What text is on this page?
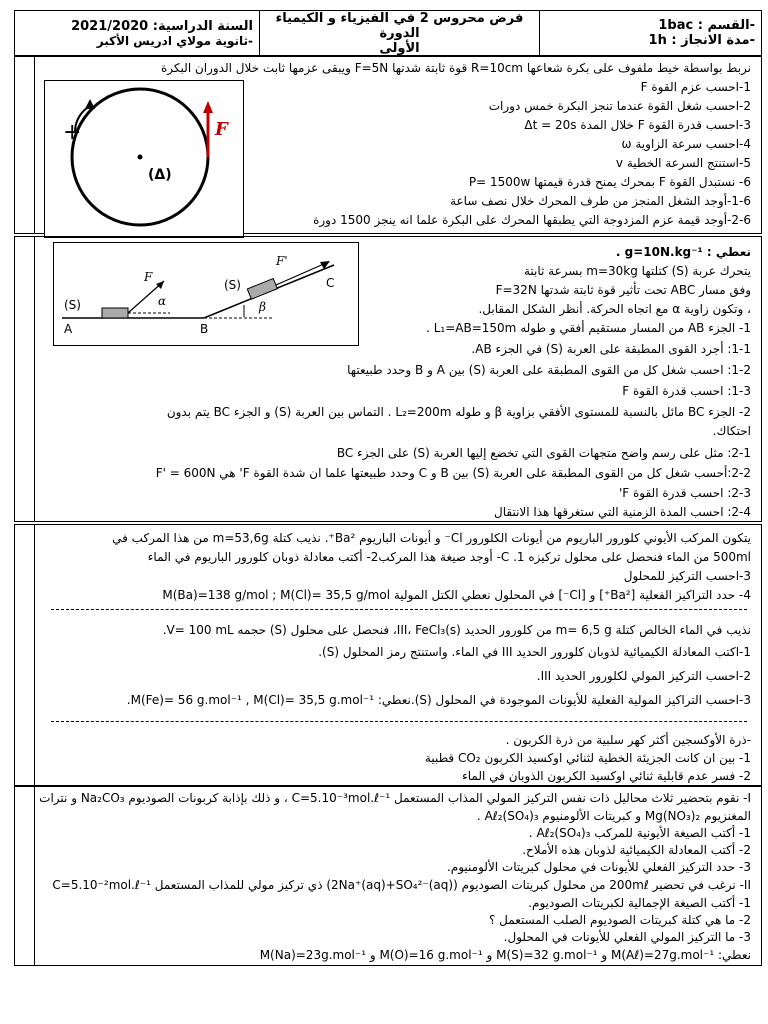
-القسم : 1bac
-مدة الانجاز : 1h
فرض محروس 2 في الفيزياء و الكيمياء الدورة
الأولى
السنة الدراسية: 2021/2020
-ثانوية مولاي ادريس الأكبر
نربط بواسطة خيط ملفوف على بكرة شعاعها R=10cm قوة ثابتة شدتها F=5N ويبقى عزمها ثابت خلال الدوران البكرة
1-احسب عزم القوة F
2-احسب شغل القوة عندما تنجز البكرة خمس دورات
3-احسب قدرة القوة F خلال المدة Δt = 20s
4-احسب سرعة الزاوية ω
5-استنتج السرعة الخطية v
6- نستبدل القوة F بمحرك يمنح قدرة قيمتها P= 1500w
1-6-أوجد الشغل المنجز من طرف المحرك خلال نصف ساعة
2-6-أوجد قيمة عزم المزدوجة التي يطبقها المحرك على البكرة علما انه ينجز 1500 دورة
+	F
(Δ)
نعطي : g=10N.kg⁻¹ .
يتحرك عربة (S) كتلتها m=30kg بسرعة ثابتة
وفق مسار ABC تحت تأثير قوة ثابتة شدتها F=32N
، وتكون زاوية α مع اتجاه الحركة. أنظر الشكل المقابل.
1- الجزء AB من المسار مستقيم أفقي و طوله L₁=AB=150m .
1-1: أجرد القوى المطبقة على العربة (S) في الجزء AB.
1-2: احسب شغل كل من القوى المطبقة على العربة (S) بين A و B وحدد طبيعتها
1-3: احسب قدرة القوة F
2- الجزء BC مائل بالنسبة للمستوى الأفقي بزاوية β و طوله L₂=200m . التماس بين العربة (S) و الجزء BC يتم بدون
احتكاك.
2-1: مثل على رسم واضح متجهات القوى التي تخضع إليها العربة (S) على الجزء BC
2-2:أحسب شغل كل من القوى المطبقة على العربة (S) بين B و C وحدد طبيعتها علما ان شدة القوة F' هي F' = 600N
2-3: احسب قدرة القوة F'
2-4: احسب المدة الزمنية التي ستغرقها هذا الانتقال
(S)
(S)
A	B
C
F
F'
α	β
يتكون المركب الأيوني كلورور الباريوم من أيونات الكلورور Cl⁻ و أيونات الباريوم Ba²⁺. نذيب كتلة m=53,6g من هذا المركب في
500ml من الماء فنحصل على محلول تركيزه C .1- أوجد صيغة هذا المركب2- أكتب معادلة ذوبان كلورور الباريوم في الماء
3-احسب التركيز للمحلول
4- حدد التراكيز الفعلية [Ba²⁺] و [Cl⁻] في المحلول نعطي الكتل المولية M(Ba)=138 g/mol ; M(Cl)= 35,5 g/mol
نذيب في الماء الخالص كتلة m= 6,5 g من كلورور الحديد III، FeCl₃(s)، فنحصل على محلول (S) حجمه V= 100 mL.
1-اكتب المعادلة الكيميائية لذوبان كلورور الحديد III في الماء. واستنتج رمز المحلول (S).
2-احسب التركيز المولي لكلورور الحديد III.
3-احسب التراكيز المولية الفعلية للأيونات الموجودة في المحلول (S).نعطي: M(Fe)= 56 g.mol⁻¹ , M(Cl)= 35,5 g.mol⁻¹.
-ذرة الأوكسجين أكثر كهر سلبية من ذرة الكربون .
1- بين ان كانت الجزيئة الخطية لثنائي اوكسيد الكربون CO₂ قطبية
2- فسر عدم قابلية ثنائي اوكسيد الكربون الذوبان في الماء
I- نقوم بتحضير ثلاث محاليل ذات نفس التركيز المولي المذاب المستعمل C=5.10⁻³mol.ℓ⁻¹ ، و ذلك بإذابة كربونات الصوديوم Na₂CO₃ و نترات
المغنزيوم Mg(NO₃)₂ و كبريتات الألومنيوم Aℓ₂(SO₄)₃ .
1- أكتب الصيغة الأيونية للمركب Aℓ₂(SO₄)₃ .
2- أكتب المعادلة الكيميائية لذوبان هذه الأملاح.
3- حدد التركيز الفعلي للأيونات في محلول كبريتات الألومنيوم.
II- نرغب في تحضير 200mℓ من محلول كبريتات الصوديوم (2Na⁺(aq)+SO₄²⁻(aq)) ذي تركيز مولي للمذاب المستعمل C=5.10⁻²mol.ℓ⁻¹
1- أكتب الصيغة الإجمالية لكبريتات الصوديوم.
2- ما هي كتلة كبريتات الصوديوم الصلب المستعمل ؟
3- ما التركيز المولي الفعلي للأيونات في المحلول.
نعطي: M(Aℓ)=27g.mol⁻¹ و M(S)=32 g.mol⁻¹ و M(O)=16 g.mol⁻¹ و M(Na)=23g.mol⁻¹
